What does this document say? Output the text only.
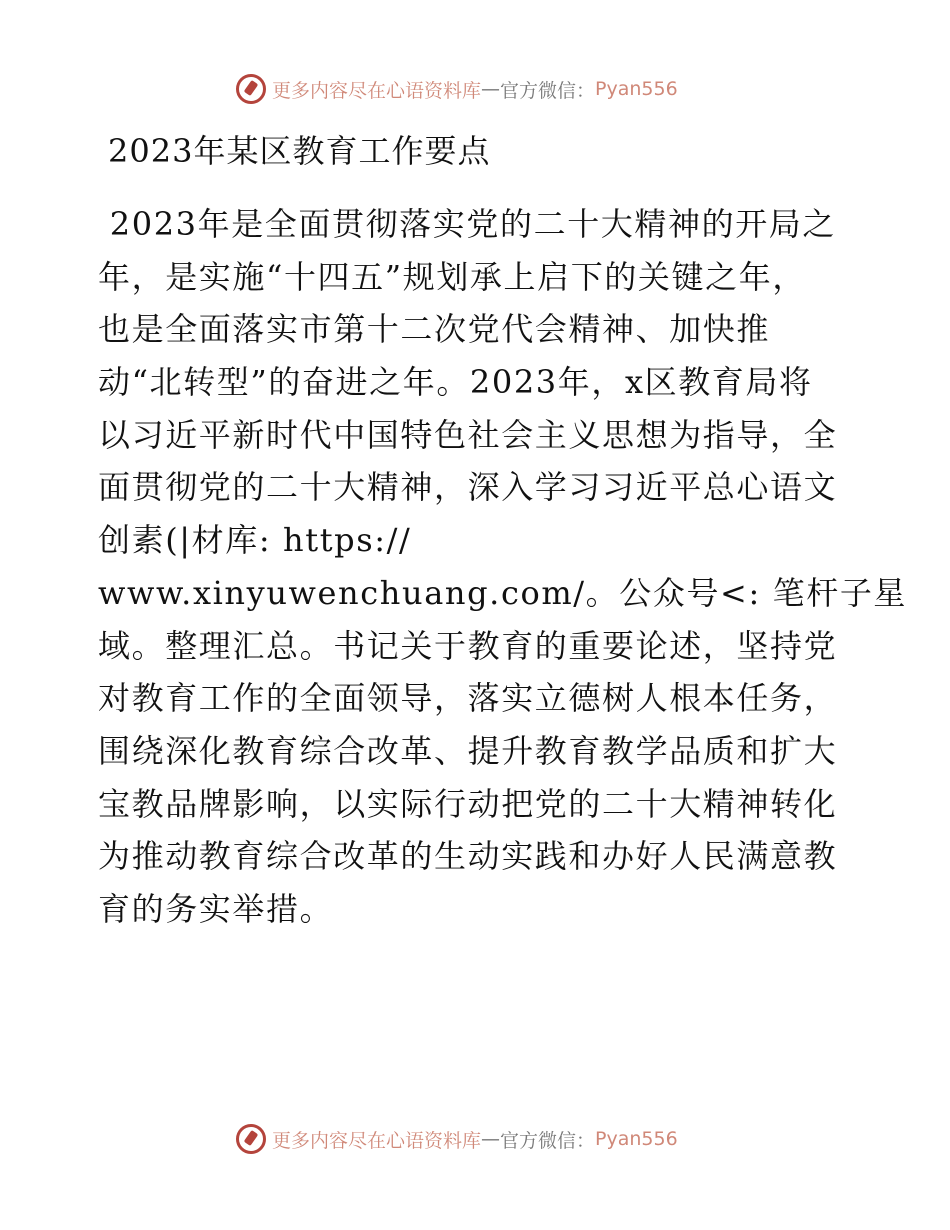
更多内容尽在心语资料库 — 官方微信： Pyan556
2023年某区教育工作要点
2023年是全面贯彻落实党的二十大精神的开局之
年，是实施“十四五”规划承上启下的关键之年，
也是全面落实市第十二次党代会精神、加快推
动“北转型”的奋进之年。2023年，x区教育局将
以习近平新时代中国特色社会主义思想为指导，全
面贯彻党的二十大精神，深入学习习近平总心语文
创素(|材库: https://
www.xinyuwenchuang.com/。公众号<: 笔杆子星
域。整理汇总。书记关于教育的重要论述，坚持党
对教育工作的全面领导，落实立德树人根本任务，
围绕深化教育综合改革、提升教育教学品质和扩大
宝教品牌影响，以实际行动把党的二十大精神转化
为推动教育综合改革的生动实践和办好人民满意教
育的务实举措。
更多内容尽在心语资料库 — 官方微信： Pyan556
